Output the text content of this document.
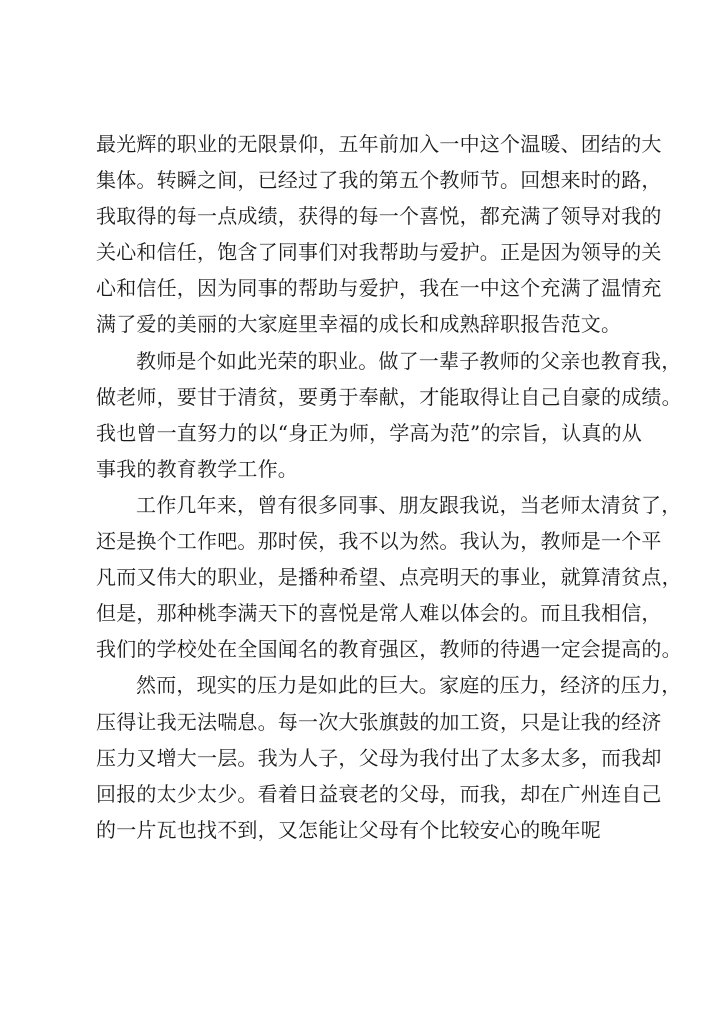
最光辉的职业的无限景仰，五年前加入一中这个温暖、团结的大
集体。转瞬之间，已经过了我的第五个教师节。回想来时的路，
我取得的每一点成绩，获得的每一个喜悦，都充满了领导对我的
关心和信任，饱含了同事们对我帮助与爱护。正是因为领导的关
心和信任，因为同事的帮助与爱护，我在一中这个充满了温情充
满了爱的美丽的大家庭里幸福的成长和成熟辞职报告范文。
教师是个如此光荣的职业。做了一辈子教师的父亲也教育我，
做老师，要甘于清贫，要勇于奉献，才能取得让自己自豪的成绩。
我也曾一直努力的以“身正为师，学高为范”的宗旨，认真的从
事我的教育教学工作。
工作几年来，曾有很多同事、朋友跟我说，当老师太清贫了，
还是换个工作吧。那时侯，我不以为然。我认为，教师是一个平
凡而又伟大的职业，是播种希望、点亮明天的事业，就算清贫点，
但是，那种桃李满天下的喜悦是常人难以体会的。而且我相信，
我们的学校处在全国闻名的教育强区，教师的待遇一定会提高的。
然而，现实的压力是如此的巨大。家庭的压力，经济的压力，
压得让我无法喘息。每一次大张旗鼓的加工资，只是让我的经济
压力又增大一层。我为人子，父母为我付出了太多太多，而我却
回报的太少太少。看着日益衰老的父母，而我，却在广州连自己
的一片瓦也找不到，又怎能让父母有个比较安心的晚年呢
